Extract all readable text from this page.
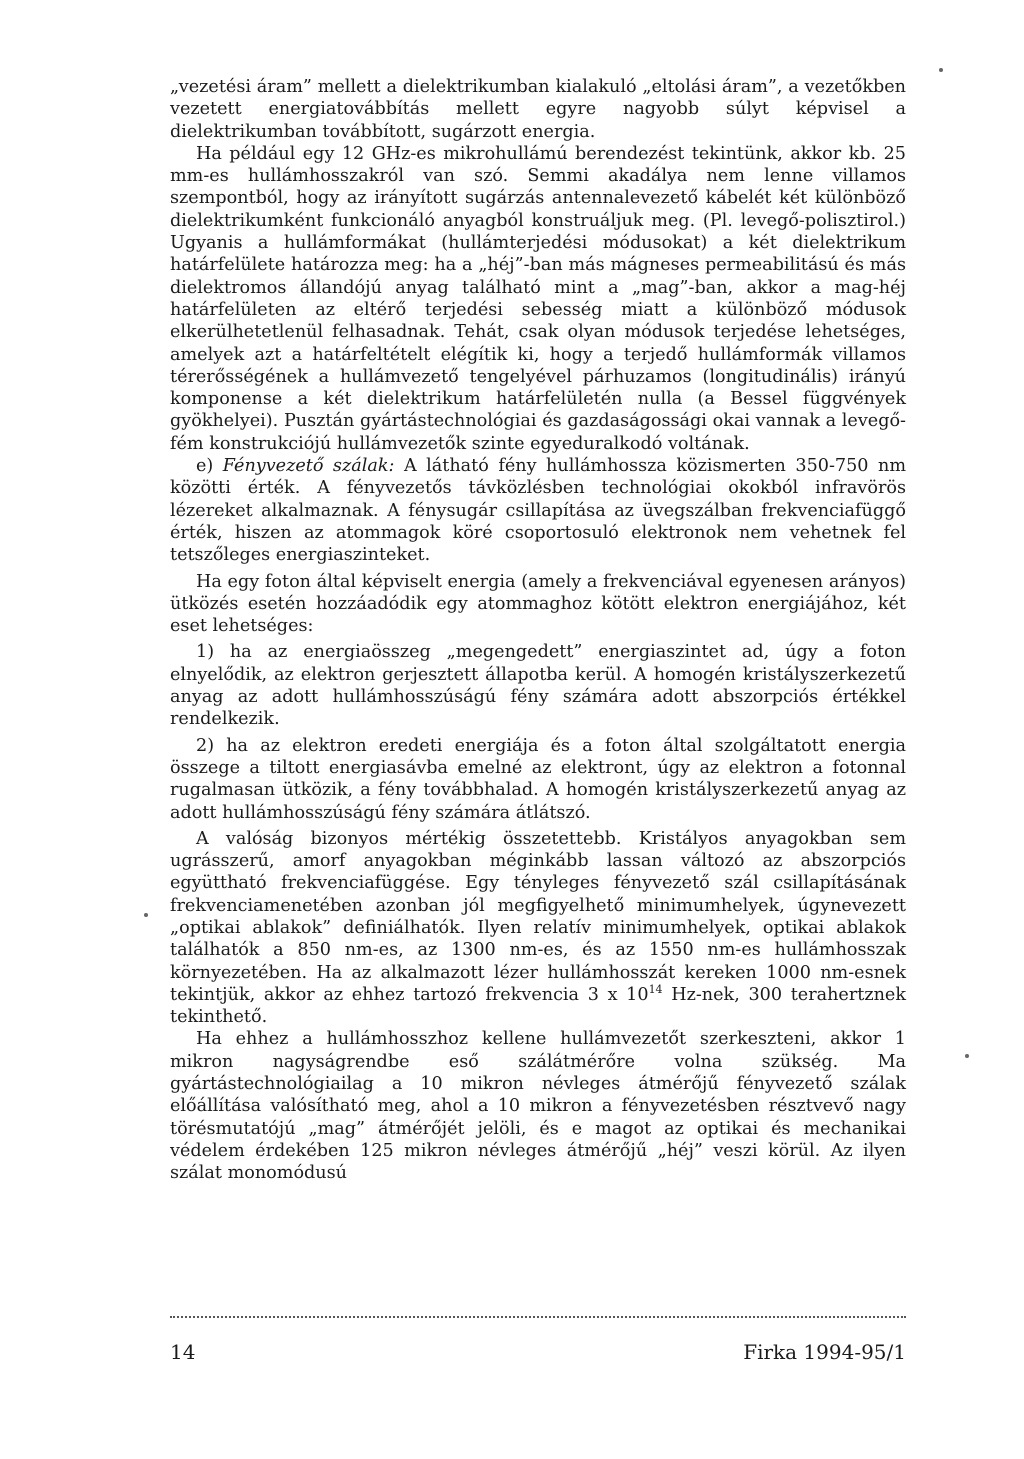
„vezetési áram” mellett a dielektrikumban kialakuló „eltolási áram”, a vezetőkben vezetett energiatovábbítás mellett egyre nagyobb súlyt képvisel a dielektrikumban továbbított, sugárzott energia.

Ha például egy 12 GHz-es mikrohullámú berendezést tekintünk, akkor kb. 25 mm-es hullámhosszakról van szó. Semmi akadálya nem lenne villamos szempontból, hogy az irányított sugárzás antennalevezető kábelét két különböző dielektrikumként funkcionáló anyagból konstruáljuk meg. (Pl. levegő-polisztirol.) Ugyanis a hullámformákat (hullámterjedési módusokat) a két dielektrikum határfelülete határozza meg: ha a „héj”-ban más mágneses permeabilitású és más dielektromos állandójú anyag található mint a „mag”-ban, akkor a mag-héj határfelületen az eltérő terjedési sebesség miatt a különböző módusok elkerülhetetlenül felhasadnak. Tehát, csak olyan módusok terjedése lehetséges, amelyek azt a határfeltételt elégítik ki, hogy a terjedő hullámformák villamos térerősségének a hullámvezető tengelyével párhuzamos (longitudinális) irányú komponense a két dielektrikum határfelületén nulla (a Bessel függvények gyökhelyei). Pusztán gyártástechnológiai és gazdaságossági okai vannak a levegő-fém konstrukciójú hullámvezetők szinte egyeduralkodó voltának.

e) Fényvezető szálak: A látható fény hullámhossza közismerten 350-750 nm közötti érték. A fényvezetős távközlésben technológiai okokból infravörös lézereket alkalmaznak. A fénysugár csillapítása az üvegszálban frekvenciafüggő érték, hiszen az atommagok köré csoportosuló elektronok nem vehetnek fel tetszőleges energiaszinteket.

Ha egy foton által képviselt energia (amely a frekvenciával egyenesen arányos) ütközés esetén hozzáadódik egy atommaghoz kötött elektron energiájához, két eset lehetséges:

1) ha az energiaösszeg „megengedett” energiaszintet ad, úgy a foton elnyelődik, az elektron gerjesztett állapotba kerül. A homogén kristályszerkezetű anyag az adott hullámhosszúságú fény számára adott abszorpciós értékkel rendelkezik.

2) ha az elektron eredeti energiája és a foton által szolgáltatott energia összege a tiltott energiasávba emelné az elektront, úgy az elektron a fotonnal rugalmasan ütközik, a fény továbbhalad. A homogén kristályszerkezetű anyag az adott hullámhosszúságú fény számára átlátszó.

A valóság bizonyos mértékig összetettebb. Kristályos anyagokban sem ugrásszerű, amorf anyagokban méginkább lassan változó az abszorpciós együttható frekvenciafüggése. Egy tényleges fényvezető szál csillapításának frekvenciamenetében azonban jól megfigyelhető minimumhelyek, úgynevezett „optikai ablakok” definiálhatók. Ilyen relatív minimumhelyek, optikai ablakok találhatók a 850 nm-es, az 1300 nm-es, és az 1550 nm-es hullámhosszak környezetében. Ha az alkalmazott lézer hullámhosszát kereken 1000 nm-esnek tekintjük, akkor az ehhez tartozó frekvencia 3 x $10^{14}$ Hz-nek, 300 terahertznek tekinthető.

Ha ehhez a hullámhosszhoz kellene hullámvezetőt szerkeszteni, akkor 1 mikron nagyságrendbe eső szálátmérőre volna szükség. Ma gyártástechnológiailag a 10 mikron névleges átmérőjű fényvezető szálak előállítása valósítható meg, ahol a 10 mikron a fényvezetésben résztvevő nagy törésmutatójú „mag” átmérőjét jelöli, és e magot az optikai és mechanikai védelem érdekében 125 mikron névleges átmérőjű „héj” veszi körül. Az ilyen szálat monomódusú

14	Firka 1994-95/1
